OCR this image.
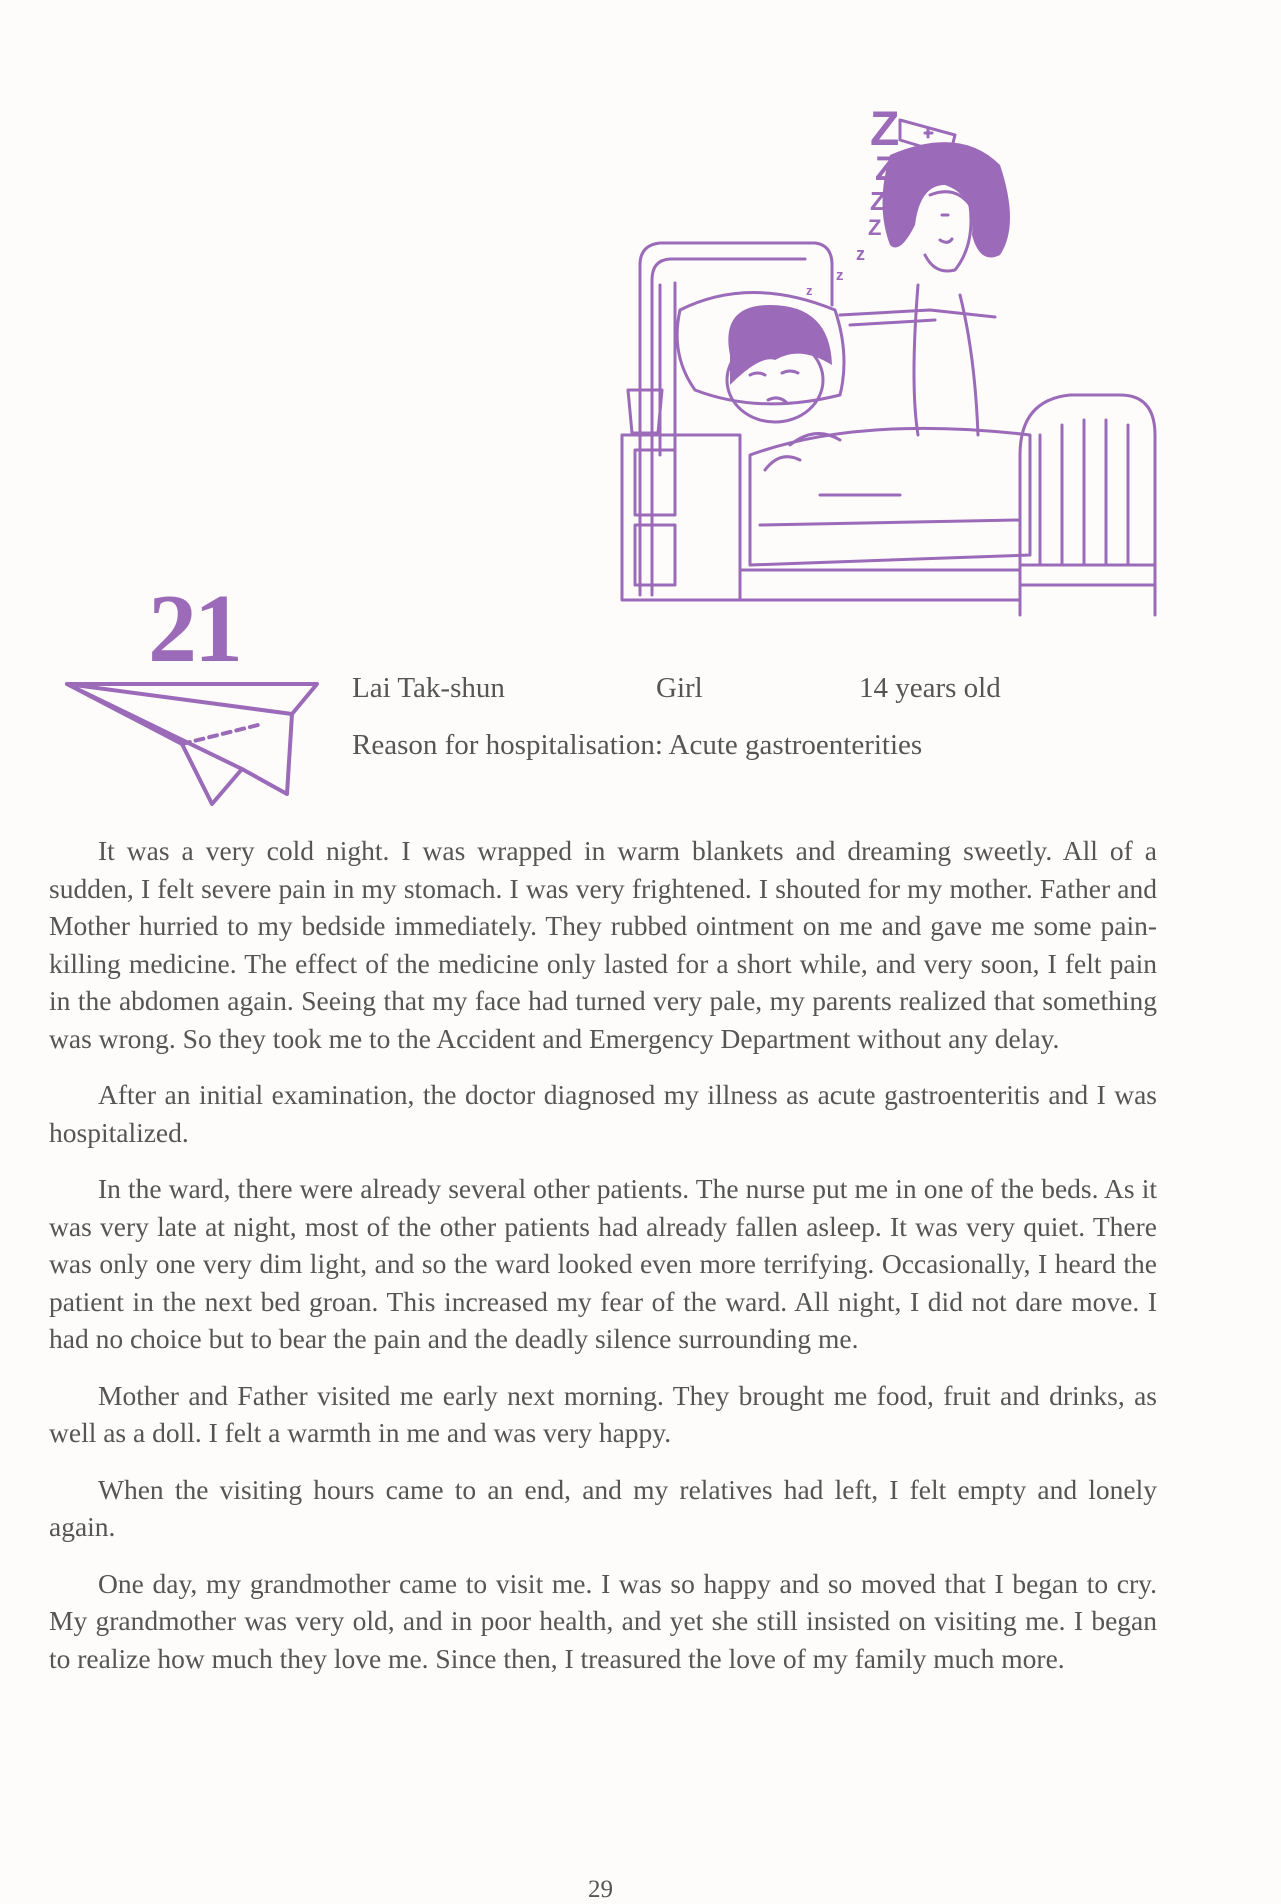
Z
Z
Z
Z
z
z
z
21
Lai Tak-shun	Girl	14 years old
Reason for hospitalisation: Acute gastroenterities

It was a very cold night. I was wrapped in warm blankets and dreaming sweetly. All of a sudden, I felt severe pain in my stomach. I was very frightened. I shouted for my mother. Father and Mother hurried to my bedside immediately. They rubbed ointment on me and gave me some pain-killing medicine. The effect of the medicine only lasted for a short while, and very soon, I felt pain in the abdomen again. Seeing that my face had turned very pale, my parents realized that something was wrong. So they took me to the Accident and Emergency Department without any delay.

After an initial examination, the doctor diagnosed my illness as acute gastroenteritis and I was hospitalized.

In the ward, there were already several other patients. The nurse put me in one of the beds. As it was very late at night, most of the other patients had already fallen asleep. It was very quiet. There was only one very dim light, and so the ward looked even more terrifying. Occasionally, I heard the patient in the next bed groan. This increased my fear of the ward. All night, I did not dare move. I had no choice but to bear the pain and the deadly silence surrounding me.

Mother and Father visited me early next morning. They brought me food, fruit and drinks, as well as a doll. I felt a warmth in me and was very happy.

When the visiting hours came to an end, and my relatives had left, I felt empty and lonely again.

One day, my grandmother came to visit me. I was so happy and so moved that I began to cry. My grandmother was very old, and in poor health, and yet she still insisted on visiting me. I began to realize how much they love me. Since then, I treasured the love of my family much more.

29
